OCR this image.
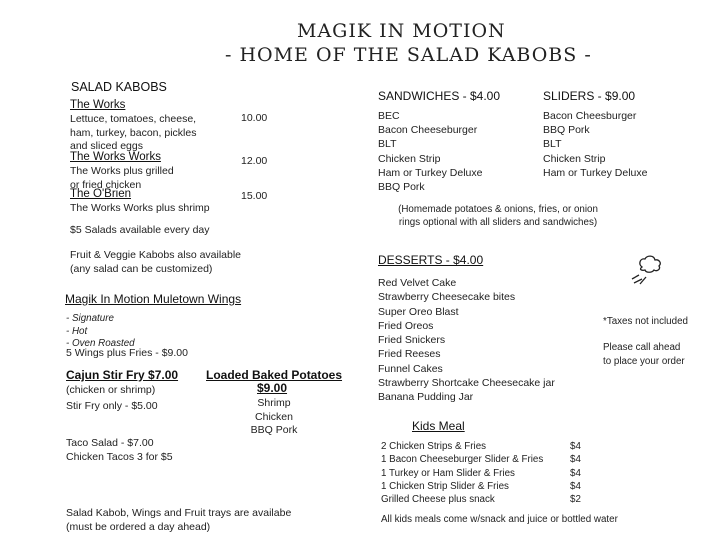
MAGIK IN MOTION
- HOME OF THE SALAD KABOBS -
SALAD KABOBS
The Works
Lettuce, tomatoes, cheese,
ham, turkey, bacon, pickles
and sliced eggs
10.00
The Works Works
The Works plus grilled
or fried chicken
12.00
The O'Brien
The Works Works plus shrimp
15.00
$5 Salads available every day
Fruit & Veggie Kabobs also available
(any salad can be customized)
Magik In Motion Muletown Wings
- Signature
- Hot
- Oven Roasted
5 Wings plus Fries - $9.00
Cajun Stir Fry $7.00
(chicken or shrimp)
Stir Fry only - $5.00
Loaded Baked Potatoes
$9.00
Shrimp
Chicken
BBQ Pork
Taco Salad - $7.00
Chicken Tacos 3 for $5
Salad Kabob, Wings and Fruit trays are availabe
(must be ordered a day ahead)
SANDWICHES - $4.00
BEC
Bacon Cheeseburger
BLT
Chicken Strip
Ham or Turkey Deluxe
BBQ Pork
SLIDERS - $9.00
Bacon Cheesburger
BBQ Pork
BLT
Chicken Strip
Ham or Turkey Deluxe
(Homemade potatoes & onions, fries, or onion
rings optional with all sliders and sandwiches)
DESSERTS - $4.00
Red Velvet Cake
Strawberry Cheesecake bites
Super Oreo Blast
Fried Oreos
Fried Snickers
Fried Reeses
Funnel Cakes
Strawberry Shortcake Cheesecake jar
Banana Pudding Jar
*Taxes not included
Please call ahead
to place your order
Kids Meal
2 Chicken Strips & Fries
1 Bacon Cheeseburger Slider & Fries
1 Turkey or Ham Slider & Fries
1 Chicken Strip Slider & Fries
Grilled Cheese plus snack
$4
$4
$4
$4
$2
All kids meals come w/snack and juice or bottled water
